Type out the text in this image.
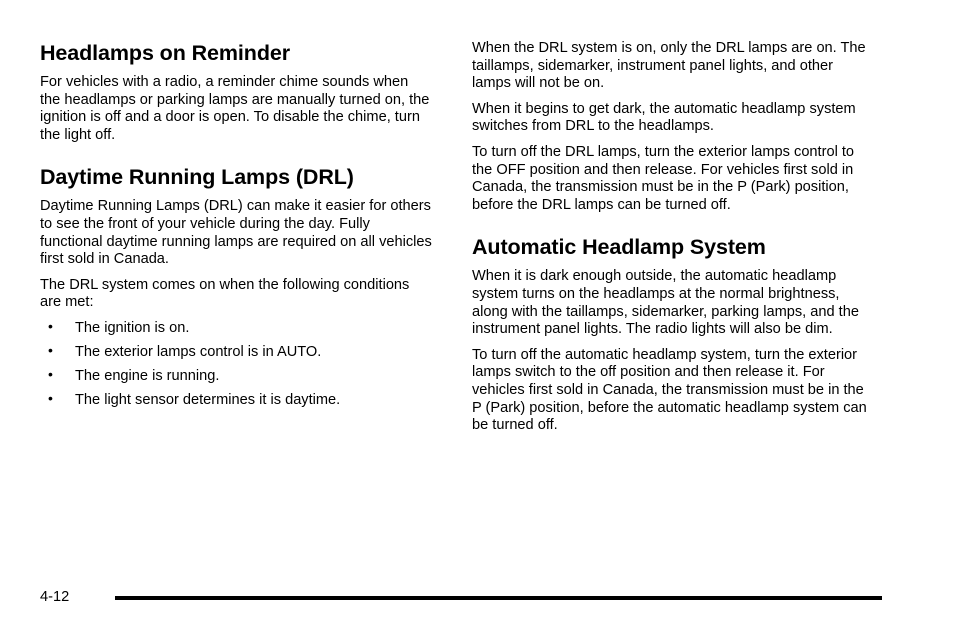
Headlamps on Reminder

For vehicles with a radio, a reminder chime sounds when the headlamps or parking lamps are manually turned on, the ignition is off and a door is open. To disable the chime, turn the light off.

Daytime Running Lamps (DRL)

Daytime Running Lamps (DRL) can make it easier for others to see the front of your vehicle during the day. Fully functional daytime running lamps are required on all vehicles first sold in Canada.

The DRL system comes on when the following conditions are met:

• The ignition is on.
• The exterior lamps control is in AUTO.
• The engine is running.
• The light sensor determines it is daytime.

When the DRL system is on, only the DRL lamps are on. The taillamps, sidemarker, instrument panel lights, and other lamps will not be on.

When it begins to get dark, the automatic headlamp system switches from DRL to the headlamps.

To turn off the DRL lamps, turn the exterior lamps control to the OFF position and then release. For vehicles first sold in Canada, the transmission must be in the P (Park) position, before the DRL lamps can be turned off.

Automatic Headlamp System

When it is dark enough outside, the automatic headlamp system turns on the headlamps at the normal brightness, along with the taillamps, sidemarker, parking lamps, and the instrument panel lights. The radio lights will also be dim.

To turn off the automatic headlamp system, turn the exterior lamps switch to the off position and then release it. For vehicles first sold in Canada, the transmission must be in the P (Park) position, before the automatic headlamp system can be turned off.

4-12
